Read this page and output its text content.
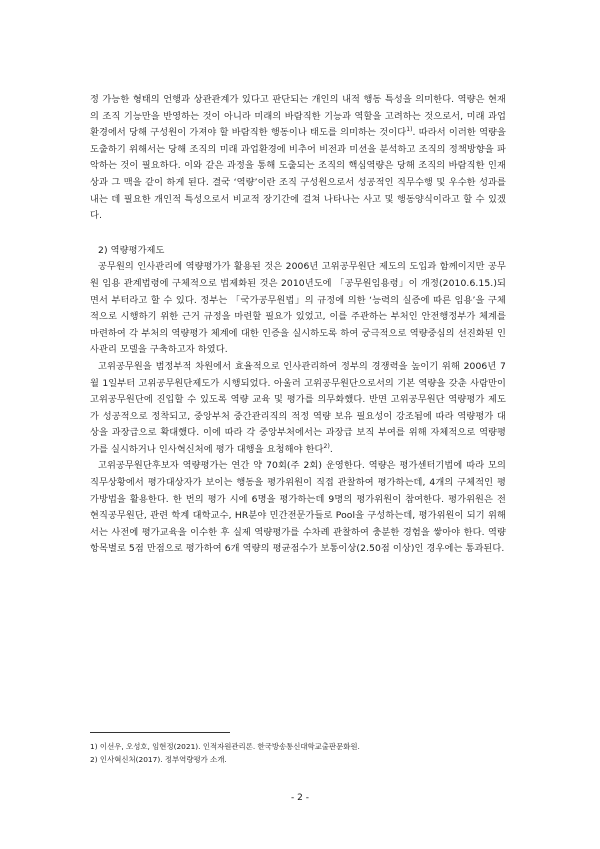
정 가능한 형태의 언행과 상관관계가 있다고 판단되는 개인의 내적 행동 특성을 의미한다. 역량은 현재의 조직 기능만을 반영하는 것이 아니라 미래의 바람직한 기능과 역할을 고려하는 것으로서, 미래 과업 환경에서 당해 구성원이 가져야 할 바람직한 행동이나 태도를 의미하는 것이다$^{1)}$. 따라서 이러한 역량을 도출하기 위해서는 당해 조직의 미래 과업환경에 비추어 비전과 미션을 분석하고 조직의 정책방향을 파악하는 것이 필요하다. 이와 같은 과정을 통해 도출되는 조직의 핵심역량은 당해 조직의 바람직한 인재상과 그 맥을 같이 하게 된다. 결국 ‘역량’이란 조직 구성원으로서 성공적인 직무수행 및 우수한 성과를 내는 데 필요한 개인적 특성으로서 비교적 장기간에 걸쳐 나타나는 사고 및 행동양식이라고 할 수 있겠다.

2) 역량평가제도

공무원의 인사관리에 역량평가가 활용된 것은 2006년 고위공무원단 제도의 도입과 함께이지만 공무원 임용 관계법령에 구체적으로 법제화된 것은 2010년도에 「공무원임용령」이 개정(2010.6.15.)되면서 부터라고 할 수 있다. 정부는 「국가공무원법」의 규정에 의한 ‘능력의 실증에 따른 임용’을 구체적으로 시행하기 위한 근거 규정을 마련할 필요가 있었고, 이를 주관하는 부처인 안전행정부가 체계를 마련하여 각 부처의 역량평가 체계에 대한 인증을 실시하도록 하여 궁극적으로 역량중심의 선진화된 인사관리 모델을 구축하고자 하였다.

고위공무원을 범정부적 차원에서 효율적으로 인사관리하여 정부의 경쟁력을 높이기 위해 2006년 7월 1일부터 고위공무원단제도가 시행되었다. 아울러 고위공무원단으로서의 기본 역량을 갖춘 사람만이 고위공무원단에 진입할 수 있도록 역량 교육 및 평가를 의무화했다. 반면 고위공무원단 역량평가 제도가 성공적으로 정착되고, 중앙부처 중간관리직의 적정 역량 보유 필요성이 강조됨에 따라 역량평가 대상을 과장급으로 확대했다. 이에 따라 각 중앙부처에서는 과장급 보직 부여를 위해 자체적으로 역량평가를 실시하거나 인사혁신처에 평가 대행을 요청해야 한다$^{2)}$.

고위공무원단후보자 역량평가는 연간 약 70회(주 2회) 운영한다. 역량은 평가센터기법에 따라 모의 직무상황에서 평가대상자가 보이는 행동을 평가위원이 직접 관찰하여 평가하는데, 4개의 구체적인 평가방법을 활용한다. 한 번의 평가 시에 6명을 평가하는데 9명의 평가위원이 참여한다. 평가위원은 전 현직공무원단, 관련 학계 대학교수, HR분야 민간전문가들로 Pool을 구성하는데, 평가위원이 되기 위해서는 사전에 평가교육을 이수한 후 실제 역량평가를 수차례 관찰하여 충분한 경험을 쌓아야 한다. 역량 항목별로 5점 만점으로 평가하여 6개 역량의 평균점수가 보통이상(2.50점 이상)인 경우에는 통과된다.

1) 이선우, 오성호, 임현정(2021). 인적자원관리론. 한국방송통신대학교출판문화원.
2) 인사혁신처(2017). 정부역량평가 소개.
- 2 -
